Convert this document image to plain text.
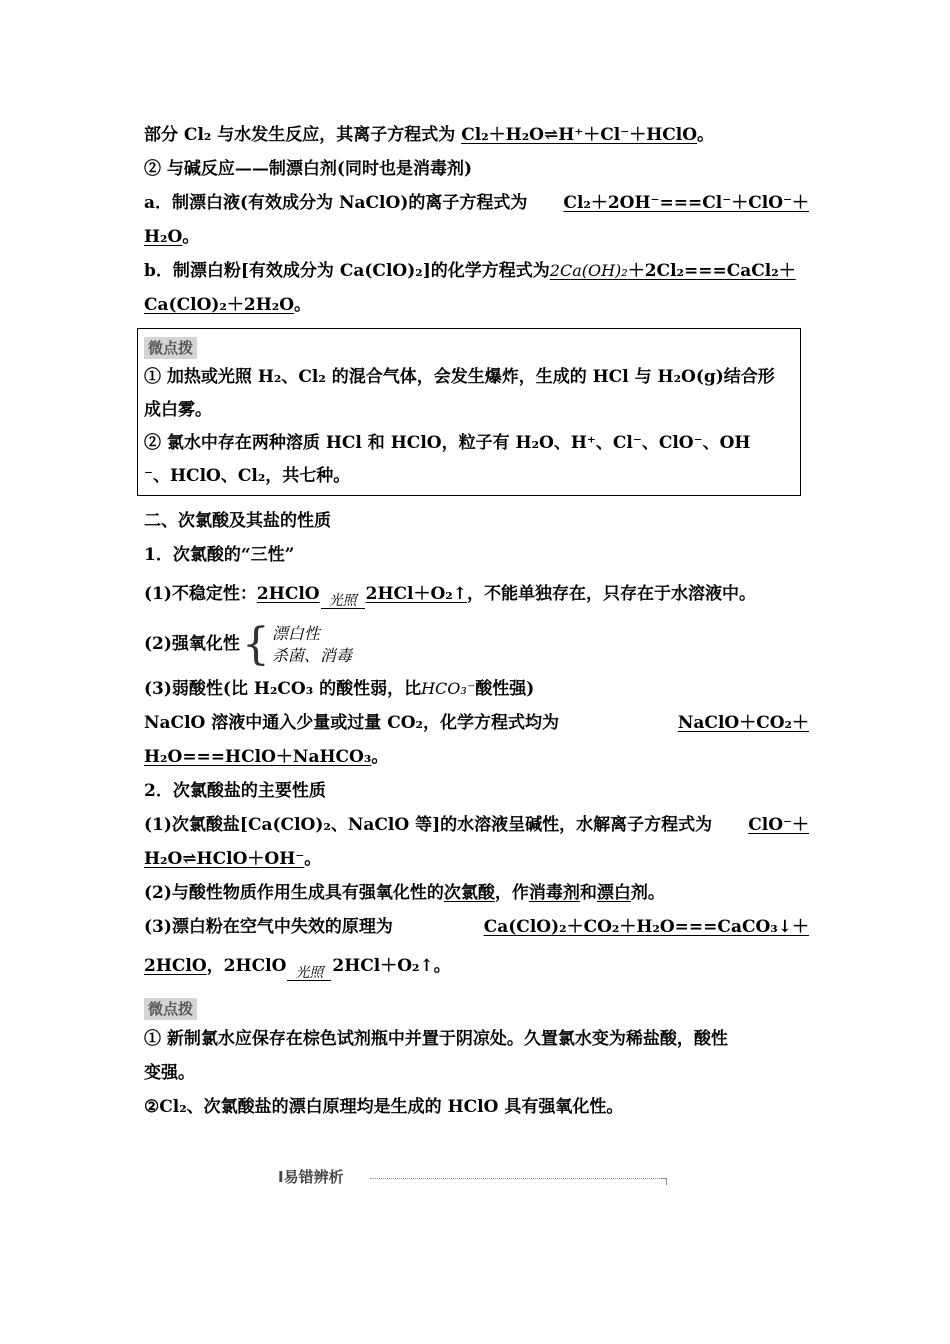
部分 Cl₂ 与水发生反应，其离子方程式为 Cl₂＋H₂O⇌H⁺＋Cl⁻＋HClO。
② 与碱反应——制漂白剂(同时也是消毒剂)
a．制漂白液(有效成分为 NaClO)的离子方程式为 Cl₂＋2OH⁻===Cl⁻＋ClO⁻＋
H₂O。
b．制漂白粉[有效成分为 Ca(ClO)₂]的化学方程式为2Ca(OH)₂＋2Cl₂===CaCl₂＋
Ca(ClO)₂＋2H₂O。
微点拨
① 加热或光照 H₂、Cl₂ 的混合气体，会发生爆炸，生成的 HCl 与 H₂O(g)结合形
成白雾。
② 氯水中存在两种溶质 HCl 和 HClO，粒子有 H₂O、H⁺、Cl⁻、ClO⁻、OH
⁻、HClO、Cl₂，共七种。
二、次氯酸及其盐的性质
1．次氯酸的“三性”
(1)不稳定性：2HClO 光照 2HCl＋O₂↑，不能单独存在，只存在于水溶液中。
(2)强氧化性 { 漂白性
杀菌、消毒
(3)弱酸性(比 H₂CO₃ 的酸性弱，比HCO₃⁻酸性强)
NaClO 溶液中通入少量或过量 CO₂，化学方程式均为	NaClO＋CO₂＋
H₂O===HClO＋NaHCO₃。
2．次氯酸盐的主要性质
(1)次氯酸盐[Ca(ClO)₂、NaClO 等]的水溶液呈碱性，水解离子方程式为 ClO⁻＋
H₂O⇌HClO＋OH⁻。
(2)与酸性物质作用生成具有强氧化性的次氯酸，作消毒剂和漂白剂。
(3)漂白粉在空气中失效的原理为	Ca(ClO)₂＋CO₂＋H₂O===CaCO₃↓＋
2HClO，2HClO 光照 2HCl＋O₂↑。
微点拨
① 新制氯水应保存在棕色试剂瓶中并置于阴凉处。久置氯水变为稀盐酸，酸性
变强。
②Cl₂、次氯酸盐的漂白原理均是生成的 HClO 具有强氧化性。
Ⅰ易错辨析
